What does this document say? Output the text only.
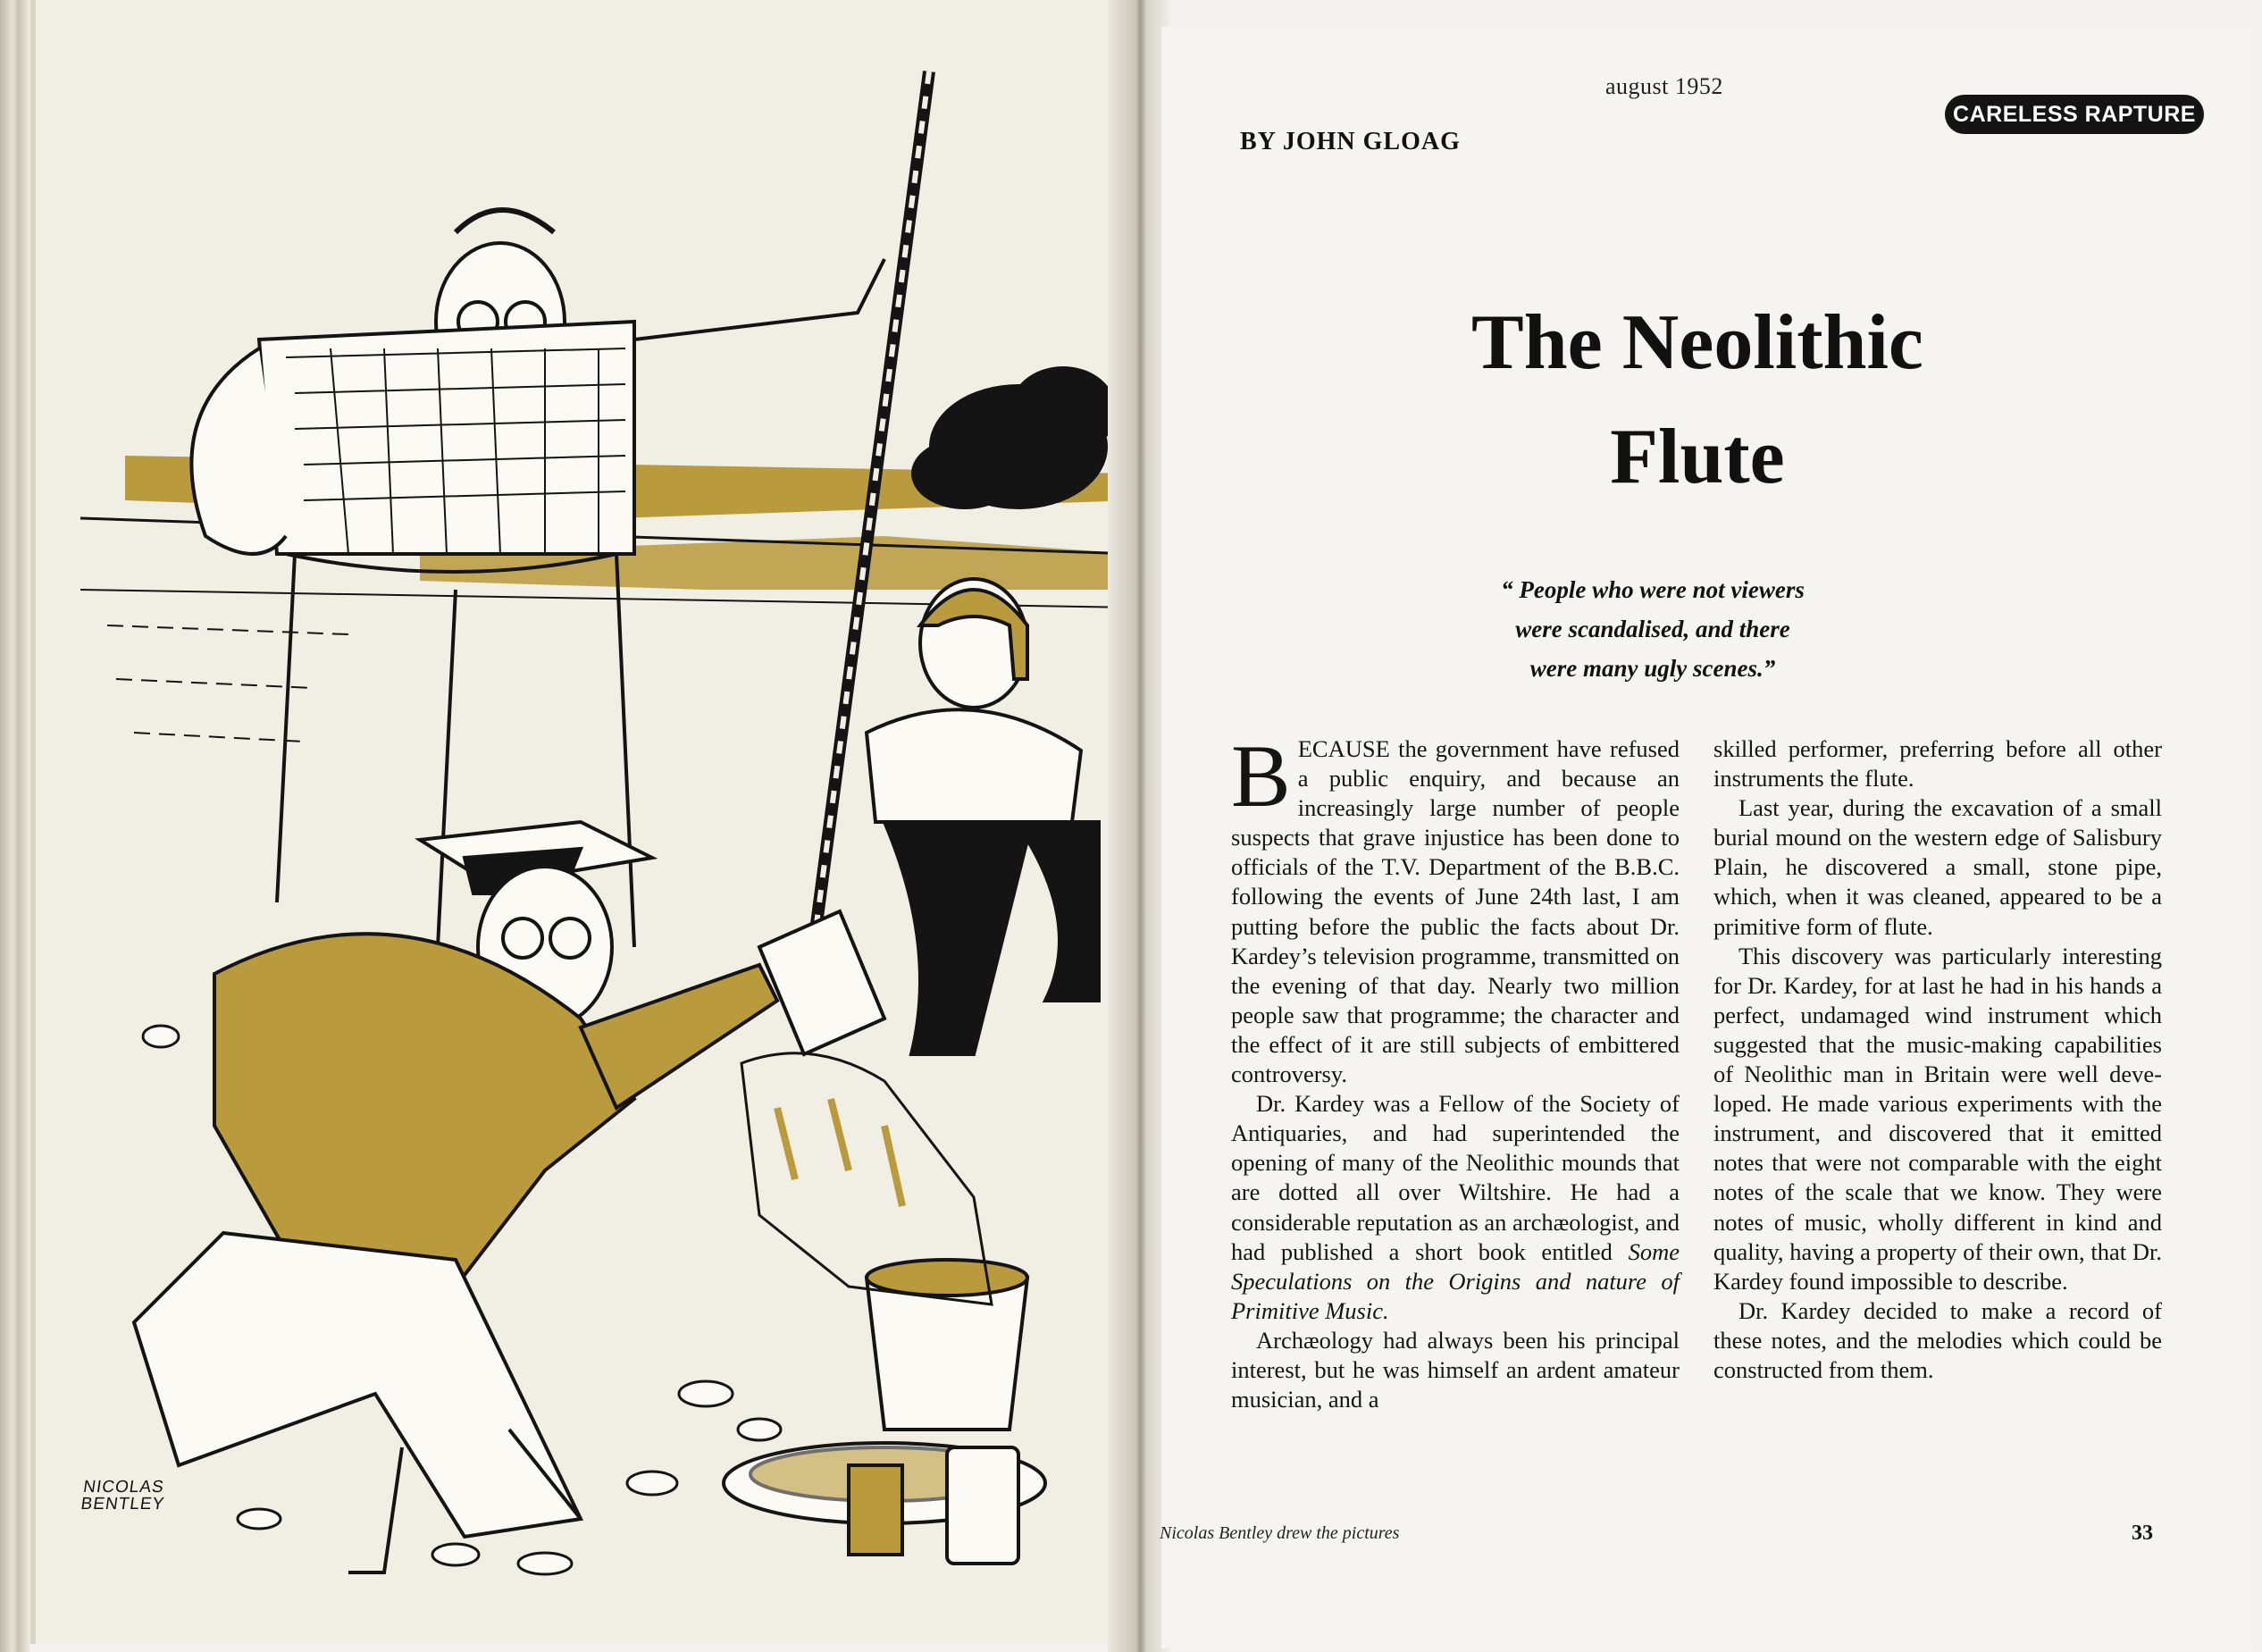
NICOLAS
BENTLEY
august 1952
CARELESS RAPTURE
BY JOHN GLOAG
The Neolithic
Flute
“ People who were not viewers
were scandalised, and there
were many ugly scenes.”

BECAUSE the government have refused a public enquiry, and because an increasingly large number of people suspects that grave injustice has been done to officials of the T.V. Department of the B.B.C. following the events of June 24th last, I am putting before the public the facts about Dr. Kardey’s television programme, transmitted on the evening of that day. Nearly two million people saw that programme; the character and the effect of it are still subjects of embittered controversy.

Dr. Kardey was a Fellow of the Society of Antiquaries, and had superintended the opening of many of the Neolithic mounds that are dotted all over Wiltshire. He had a considerable reputation as an archæologist, and had published a short book entitled Some Speculations on the Origins and nature of Primitive Music.

Archæology had always been his principal interest, but he was himself an ardent amateur musician, and a

skilled performer, preferring before all other instruments the flute.

Last year, during the excavation of a small burial mound on the western edge of Salisbury Plain, he discovered a small, stone pipe, which, when it was cleaned, appeared to be a primitive form of flute.

This discovery was particularly interesting for Dr. Kardey, for at last he had in his hands a perfect, undamaged wind instrument which suggested that the music-making capabilities of Neolithic man in Britain were well developed. He made various experiments with the instrument, and discovered that it emitted notes that were not comparable with the eight notes of the scale that we know. They were notes of music, wholly different in kind and quality, having a property of their own, that Dr. Kardey found impossible to describe.

Dr. Kardey decided to make a record of these notes, and the melodies which could be constructed from them.

Nicolas Bentley drew the pictures	33
